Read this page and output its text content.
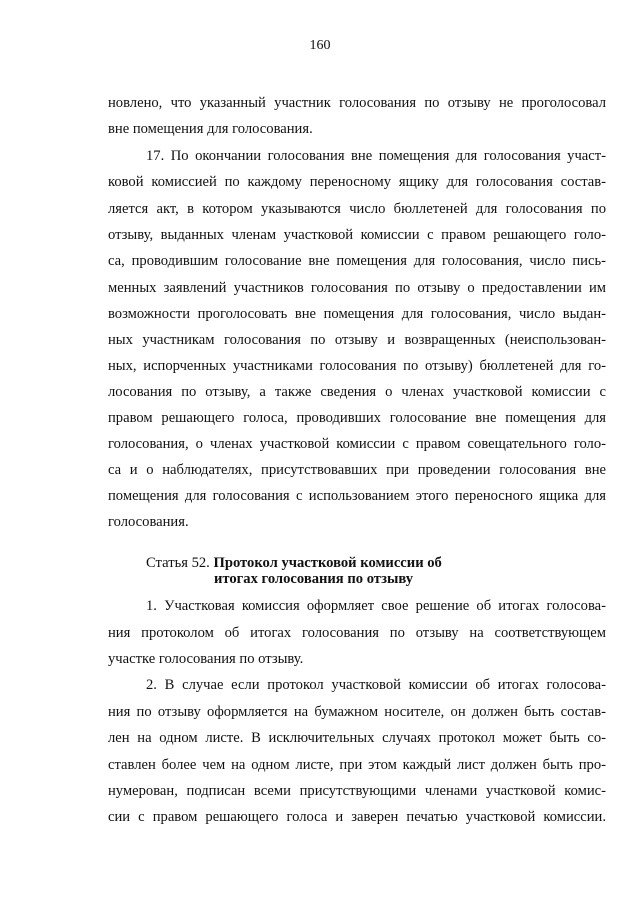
160
новлено, что указанный участник голосования по отзыву не проголосовал
вне помещения для голосования.
17. По окончании голосования вне помещения для голосования участ-
ковой комиссией по каждому переносному ящику для голосования состав-
ляется акт, в котором указываются число бюллетеней для голосования по
отзыву, выданных членам участковой комиссии с правом решающего голо-
са, проводившим голосование вне помещения для голосования, число пись-
менных заявлений участников голосования по отзыву о предоставлении им
возможности проголосовать вне помещения для голосования, число выдан-
ных участникам голосования по отзыву и возвращенных (неиспользован-
ных, испорченных участниками голосования по отзыву) бюллетеней для го-
лосования по отзыву, а также сведения о членах участковой комиссии с
правом решающего голоса, проводивших голосование вне помещения для
голосования, о членах участковой комиссии с правом совещательного голо-
са и о наблюдателях, присутствовавших при проведении голосования вне
помещения для голосования с использованием этого переносного ящика для
голосования.
Статья 52. Протокол участковой комиссии об
итогах голосования по отзыву
1. Участковая комиссия оформляет свое решение об итогах голосова-
ния протоколом об итогах голосования по отзыву на соответствующем
участке голосования по отзыву.
2. В случае если протокол участковой комиссии об итогах голосова-
ния по отзыву оформляется на бумажном носителе, он должен быть состав-
лен на одном листе. В исключительных случаях протокол может быть со-
ставлен более чем на одном листе, при этом каждый лист должен быть про-
нумерован, подписан всеми присутствующими членами участковой комис-
сии с правом решающего голоса и заверен печатью участковой комиссии.
